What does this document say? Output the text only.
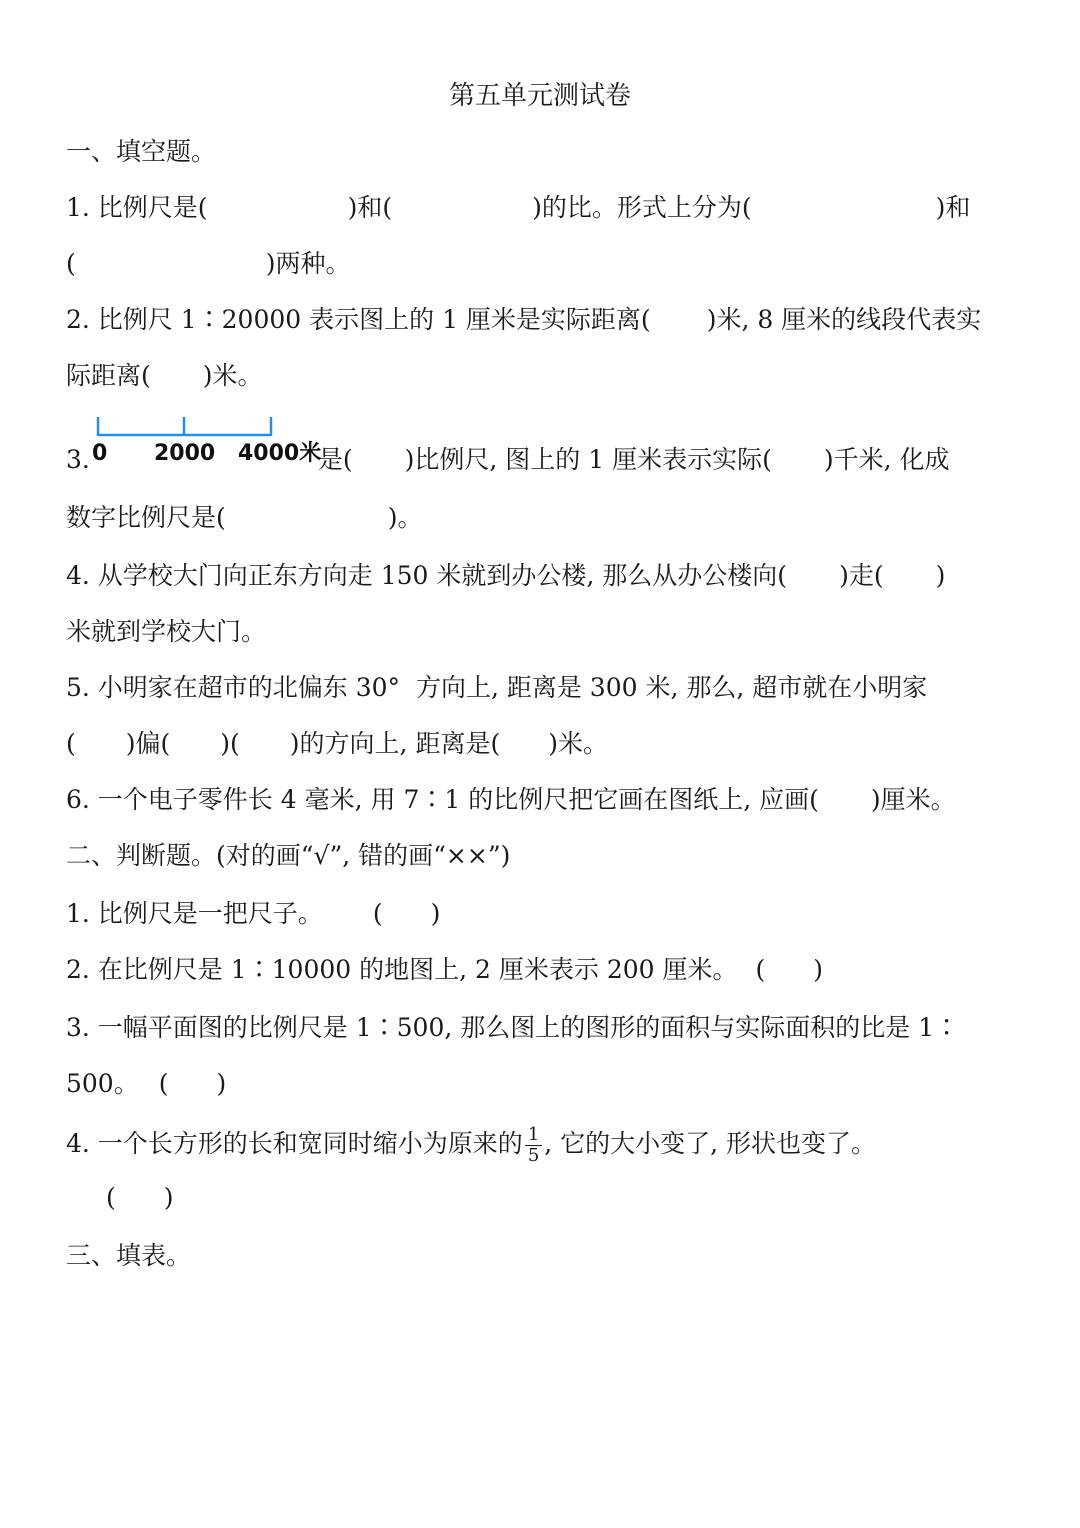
第五单元测试卷
一、填空题。
1. 比例尺是(	)和(	)的比。形式上分为(	)和
(	)两种。
2. 比例尺 1∶20000 表示图上的 1 厘米是实际距离( )米, 8 厘米的线段代表实
际距离( )米。
0 2000 4000米
3.	是( )比例尺, 图上的 1 厘米表示实际( )千米, 化成
数字比例尺是(	)。
4. 从学校大门向正东方向走 150 米就到办公楼, 那么从办公楼向( )走( )
米就到学校大门。
5. 小明家在超市的北偏东 30°  方向上, 距离是 300 米, 那么, 超市就在小明家
( )偏( )( )的方向上, 距离是( )米。
6. 一个电子零件长 4 毫米, 用 7∶1 的比例尺把它画在图纸上, 应画( )厘米。
二、判断题。(对的画“√”, 错的画“××”)
1. 比例尺是一把尺子。 ( )
2. 在比例尺是 1∶10000 的地图上, 2 厘米表示 200 厘米。 ( )
3. 一幅平面图的比例尺是 1∶500, 那么图上的图形的面积与实际面积的比是 1∶
500。 ( )
4. 一个长方形的长和宽同时缩小为原来的 $\frac{1}{5}$ , 它的大小变了, 形状也变了。
( )
三、填表。
